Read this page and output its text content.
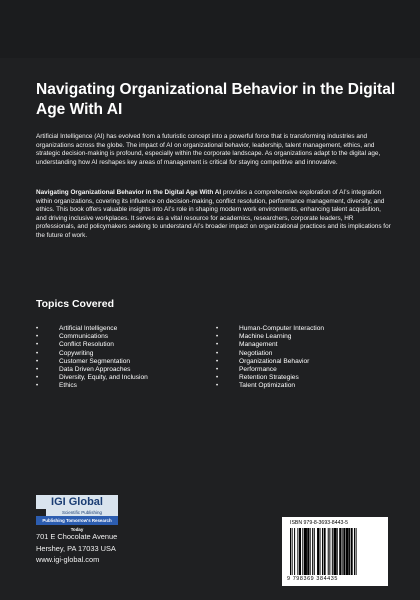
Navigating Organizational Behavior in the Digital Age With AI

Artificial Intelligence (AI) has evolved from a futuristic concept into a powerful force that is transforming industries and organizations across the globe. The impact of AI on organizational behavior, leadership, talent management, ethics, and strategic decision-making is profound, especially within the corporate landscape. As organizations adapt to the digital age, understanding how AI reshapes key areas of management is critical for staying competitive and innovative.

Navigating Organizational Behavior in the Digital Age With AI provides a comprehensive exploration of AI’s integration within organizations, covering its influence on decision-making, conflict resolution, performance management, diversity, and ethics. This book offers valuable insights into AI’s role in shaping modern work environments, enhancing talent acquisition, and driving inclusive workplaces. It serves as a vital resource for academics, researchers, corporate leaders, HR professionals, and policymakers seeking to understand AI’s broader impact on organizational practices and its implications for the future of work.

Topics Covered
• Artificial Intelligence
• Communications
• Conflict Resolution
• Copywriting
• Customer Segmentation
• Data Driven Approaches
• Diversity, Equity, and Inclusion
• Ethics
• Human-Computer Interaction
• Machine Learning
• Management
• Negotiation
• Organizational Behavior
• Performance
• Retention Strategies
• Talent Optimization
IGI Global
Scientific Publishing
Publishing Tomorrow's Research Today
701 E Chocolate Avenue
Hershey, PA 17033 USA
www.igi-global.com
ISBN 979-8-3693-8443-5
9 798369 384435
